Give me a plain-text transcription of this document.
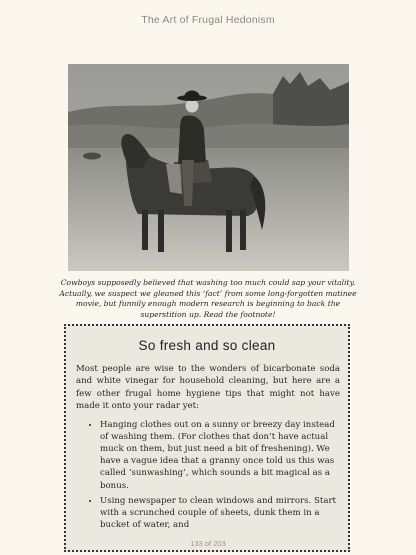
The Art of Frugal Hedonism
Cowboys supposedly believed that washing too much could sap your vitality. Actually, we suspect we gleaned this ‘fact’ from some long-forgotten matinee movie, but funnily enough modern research is beginning to back the superstition up. Read the footnote!
So fresh and so clean

Most people are wise to the wonders of bicarbonate soda and white vinegar for household cleaning, but here are a few other frugal home hygiene tips that might not have made it onto your radar yet:

• Hanging clothes out on a sunny or breezy day instead of washing them. (For clothes that don’t have actual muck on them, but just need a bit of freshening). We have a vague idea that a granny once told us this was called ‘sunwashing’, which sounds a bit magical as a bonus.
• Using newspaper to clean windows and mirrors. Start with a scrunched couple of sheets, dunk them in a bucket of water, and
133 of 203
